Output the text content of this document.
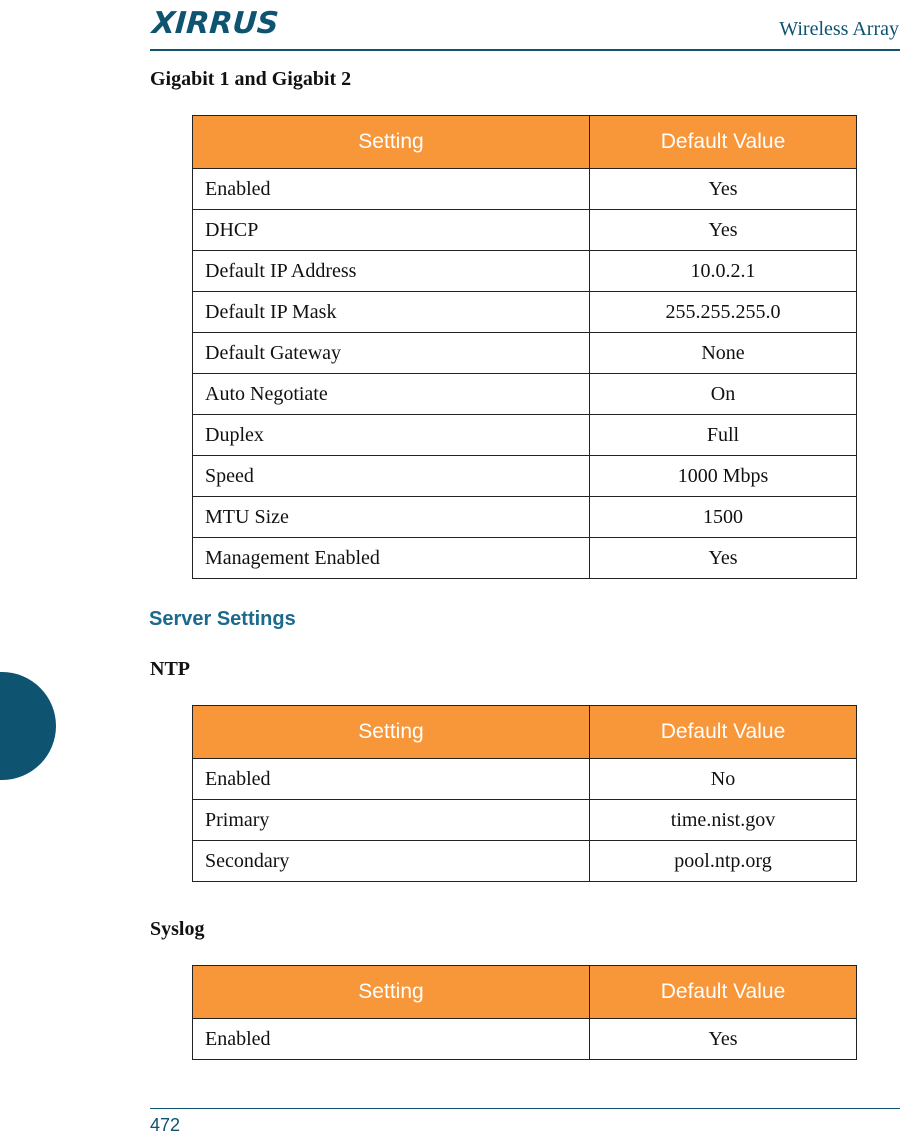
XIRRUS	Wireless Array
Gigabit 1 and Gigabit 2
Setting	Default Value
Enabled	Yes
DHCP	Yes
Default IP Address	10.0.2.1
Default IP Mask	255.255.255.0
Default Gateway	None
Auto Negotiate	On
Duplex	Full
Speed	1000 Mbps
MTU Size	1500
Management Enabled	Yes
Server Settings
NTP
Setting	Default Value
Enabled	No
Primary	time.nist.gov
Secondary	pool.ntp.org
Syslog
Setting	Default Value
Enabled	Yes
472
